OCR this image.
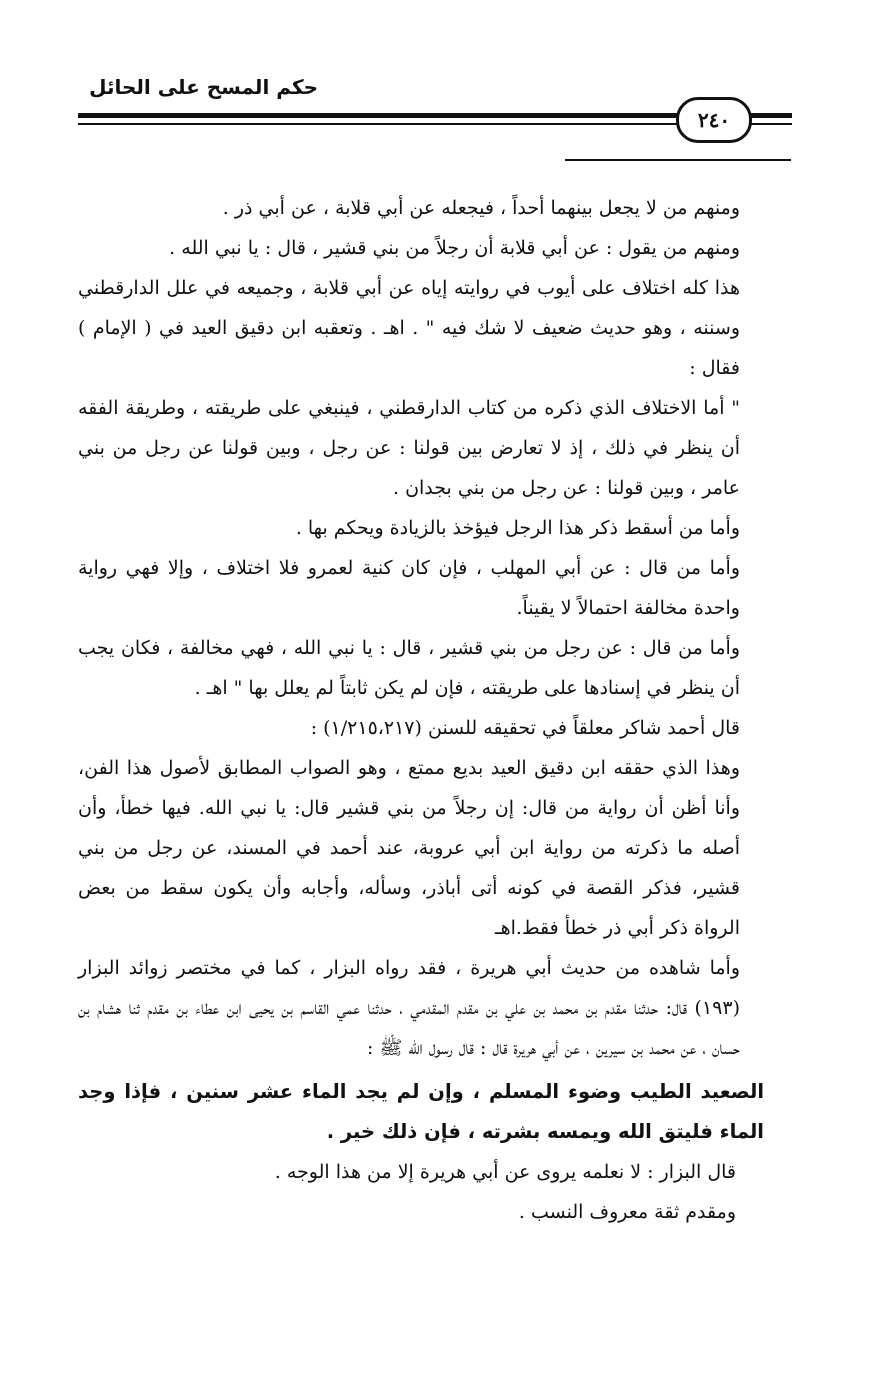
حكم المسح على الحائل
٢٤٠

ومنهم من لا يجعل بينهما أحداً ، فيجعله عن أبي قلابة ، عن أبي ذر .

ومنهم من يقول : عن أبي قلابة أن رجلاً من بني قشير ، قال : يا نبي الله .

هذا كله اختلاف على أيوب في روايته إياه عن أبي قلابة ، وجميعه في علل الدارقطني وسننه ، وهو حديث ضعيف لا شك فيه " . اهـ . وتعقبه ابن دقيق العيد في ( الإمام ) فقال :

" أما الاختلاف الذي ذكره من كتاب الدارقطني ، فينبغي على طريقته ، وطريقة الفقه أن ينظر في ذلك ، إذ لا تعارض بين قولنا : عن رجل ، وبين قولنا عن رجل من بني عامر ، وبين قولنا : عن رجل من بني بجدان .

وأما من أسقط ذكر هذا الرجل فيؤخذ بالزيادة ويحكم بها .

وأما من قال : عن أبي المهلب ، فإن كان كنية لعمرو فلا اختلاف ، وإلا فهي رواية واحدة مخالفة احتمالاً لا يقيناً.

وأما من قال : عن رجل من بني قشير ، قال : يا نبي الله ، فهي مخالفة ، فكان يجب أن ينظر في إسنادها على طريقته ، فإن لم يكن ثابتاً لم يعلل بها " اهـ .

قال أحمد شاكر معلقاً في تحقيقه للسنن (١/٢١٥،٢١٧) :

وهذا الذي حققه ابن دقيق العيد بديع ممتع ، وهو الصواب المطابق لأصول هذا الفن، وأنا أظن أن رواية من قال: إن رجلاً من بني قشير قال: يا نبي الله. فيها خطأ، وأن أصله ما ذكرته من رواية ابن أبي عروبة، عند أحمد في المسند، عن رجل من بني قشير، فذكر القصة في كونه أتى أباذر، وسأله، وأجابه وأن يكون سقط من بعض الرواة ذكر أبي ذر خطأ فقط.اهـ

وأما شاهده من حديث أبي هريرة ، فقد رواه البزار ، كما في مختصر زوائد البزار (١٩٣) قال: حدثنا مقدم بن محمد بن علي بن مقدم المقدمي ، حدثنا عمي القاسم بن يحيى ابن عطاء بن مقدم ثنا هشام بن حسان ، عن محمد بن سيرين ، عن أبي هريرة قال : قال رسول الله ﷺ :

الصعيد الطيب وضوء المسلم ، وإن لم يجد الماء عشر سنين ، فإذا وجد الماء فليتق الله ويمسه بشرته ، فإن ذلك خير .

قال البزار : لا نعلمه يروى عن أبي هريرة إلا من هذا الوجه .

ومقدم ثقة معروف النسب .
